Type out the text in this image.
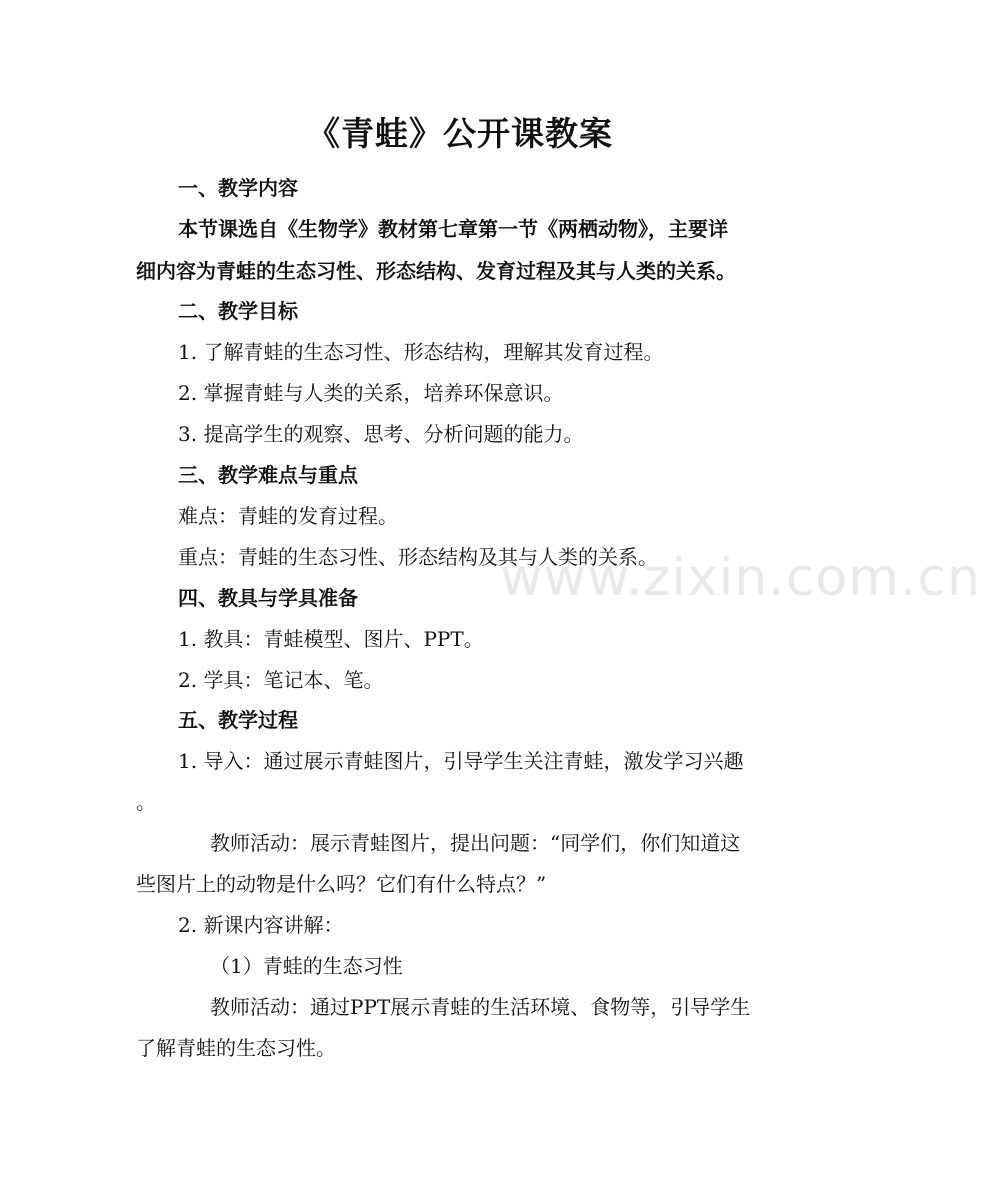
www.zixin.com.cn
《青蛙》公开课教案
一、教学内容
本节课选自《生物学》教材第七章第一节《两栖动物》，主要详
细内容为青蛙的生态习性、形态结构、发育过程及其与人类的关系。
二、教学目标
1. 了解青蛙的生态习性、形态结构，理解其发育过程。
2. 掌握青蛙与人类的关系，培养环保意识。
3. 提高学生的观察、思考、分析问题的能力。
三、教学难点与重点
难点：青蛙的发育过程。
重点：青蛙的生态习性、形态结构及其与人类的关系。
四、教具与学具准备
1. 教具：青蛙模型、图片、PPT。
2. 学具：笔记本、笔。
五、教学过程
1. 导入：通过展示青蛙图片，引导学生关注青蛙，激发学习兴趣
。
教师活动：展示青蛙图片，提出问题：“同学们，你们知道这
些图片上的动物是什么吗？它们有什么特点？”
2. 新课内容讲解：
（1）青蛙的生态习性
教师活动：通过PPT展示青蛙的生活环境、食物等，引导学生
了解青蛙的生态习性。
